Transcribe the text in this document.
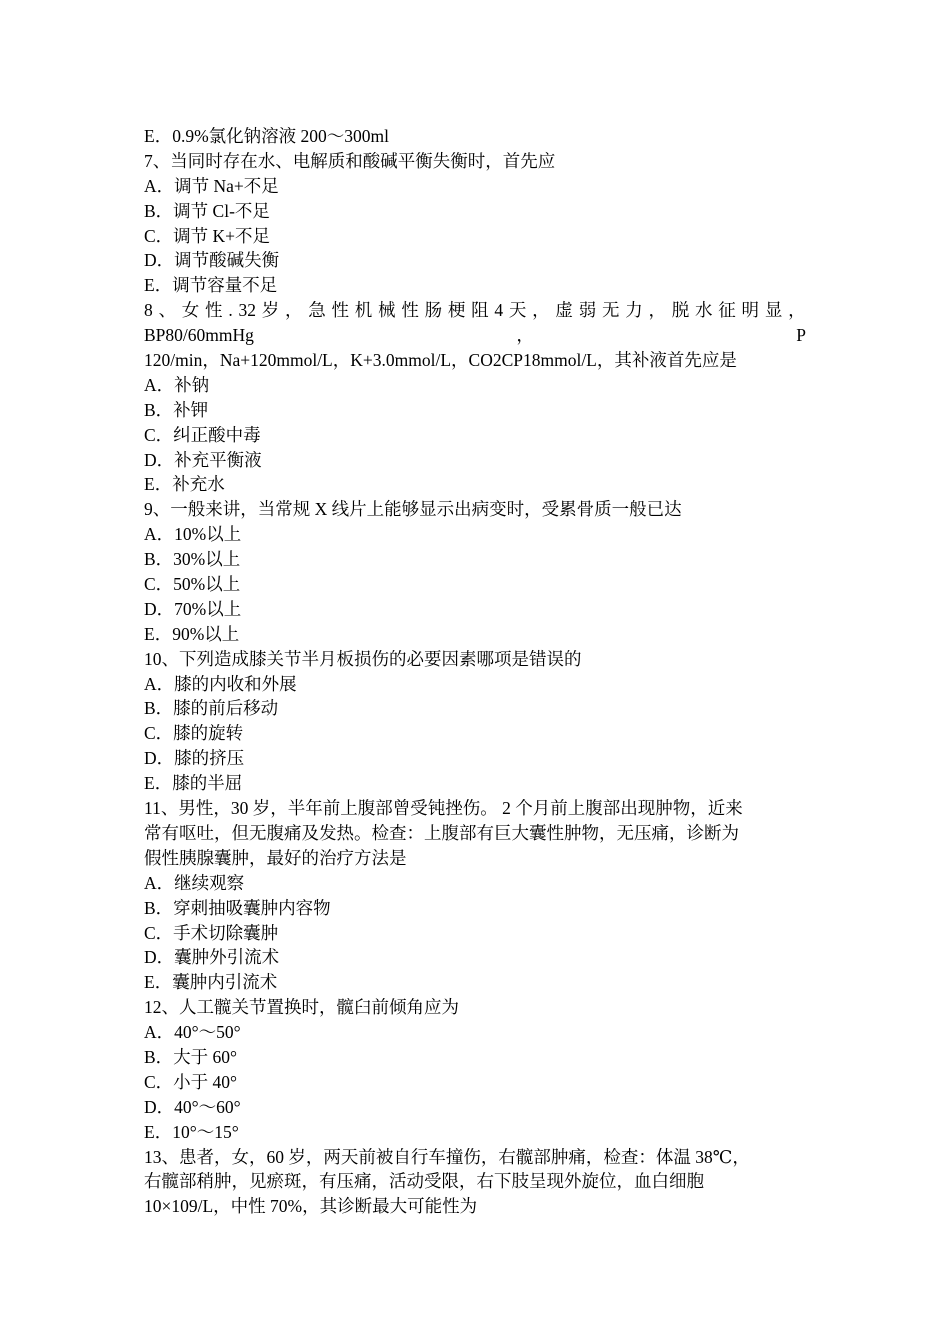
E．0.9%氯化钠溶液 200～300ml
7、当同时存在水、电解质和酸碱平衡失衡时，首先应
A．调节 Na+不足
B．调节 Cl-不足
C．调节 K+不足
D．调节酸碱失衡
E．调节容量不足
8 、 女 性 . 32 岁 ， 急 性 机 械 性 肠 梗 阻 4 天 ， 虚 弱 无 力 ， 脱 水 征 明 显 ，
BP80/60mmHg	，	P
120/min，Na+120mmol/L，K+3.0mmol/L，CO2CP18mmol/L，其补液首先应是
A．补钠
B．补钾
C．纠正酸中毒
D．补充平衡液
E．补充水
9、一般来讲，当常规 X 线片上能够显示出病变时，受累骨质一般已达
A．10%以上
B．30%以上
C．50%以上
D．70%以上
E．90%以上
10、下列造成膝关节半月板损伤的必要因素哪项是错误的
A．膝的内收和外展
B．膝的前后移动
C．膝的旋转
D．膝的挤压
E．膝的半屈
11、男性，30 岁，半年前上腹部曾受钝挫伤。 2 个月前上腹部出现肿物，近来
常有呕吐，但无腹痛及发热。检查：上腹部有巨大囊性肿物，无压痛，诊断为
假性胰腺囊肿，最好的治疗方法是
A．继续观察
B．穿刺抽吸囊肿内容物
C．手术切除囊肿
D．囊肿外引流术
E．囊肿内引流术
12、人工髋关节置换时，髋臼前倾角应为
A．40°～50°
B．大于 60°
C．小于 40°
D．40°～60°
E．10°～15°
13、患者，女，60 岁，两天前被自行车撞伤，右髋部肿痛，检查：体温 38℃，
右髋部稍肿，见瘀斑，有压痛，活动受限，右下肢呈现外旋位，血白细胞
10×109/L，中性 70%，其诊断最大可能性为
